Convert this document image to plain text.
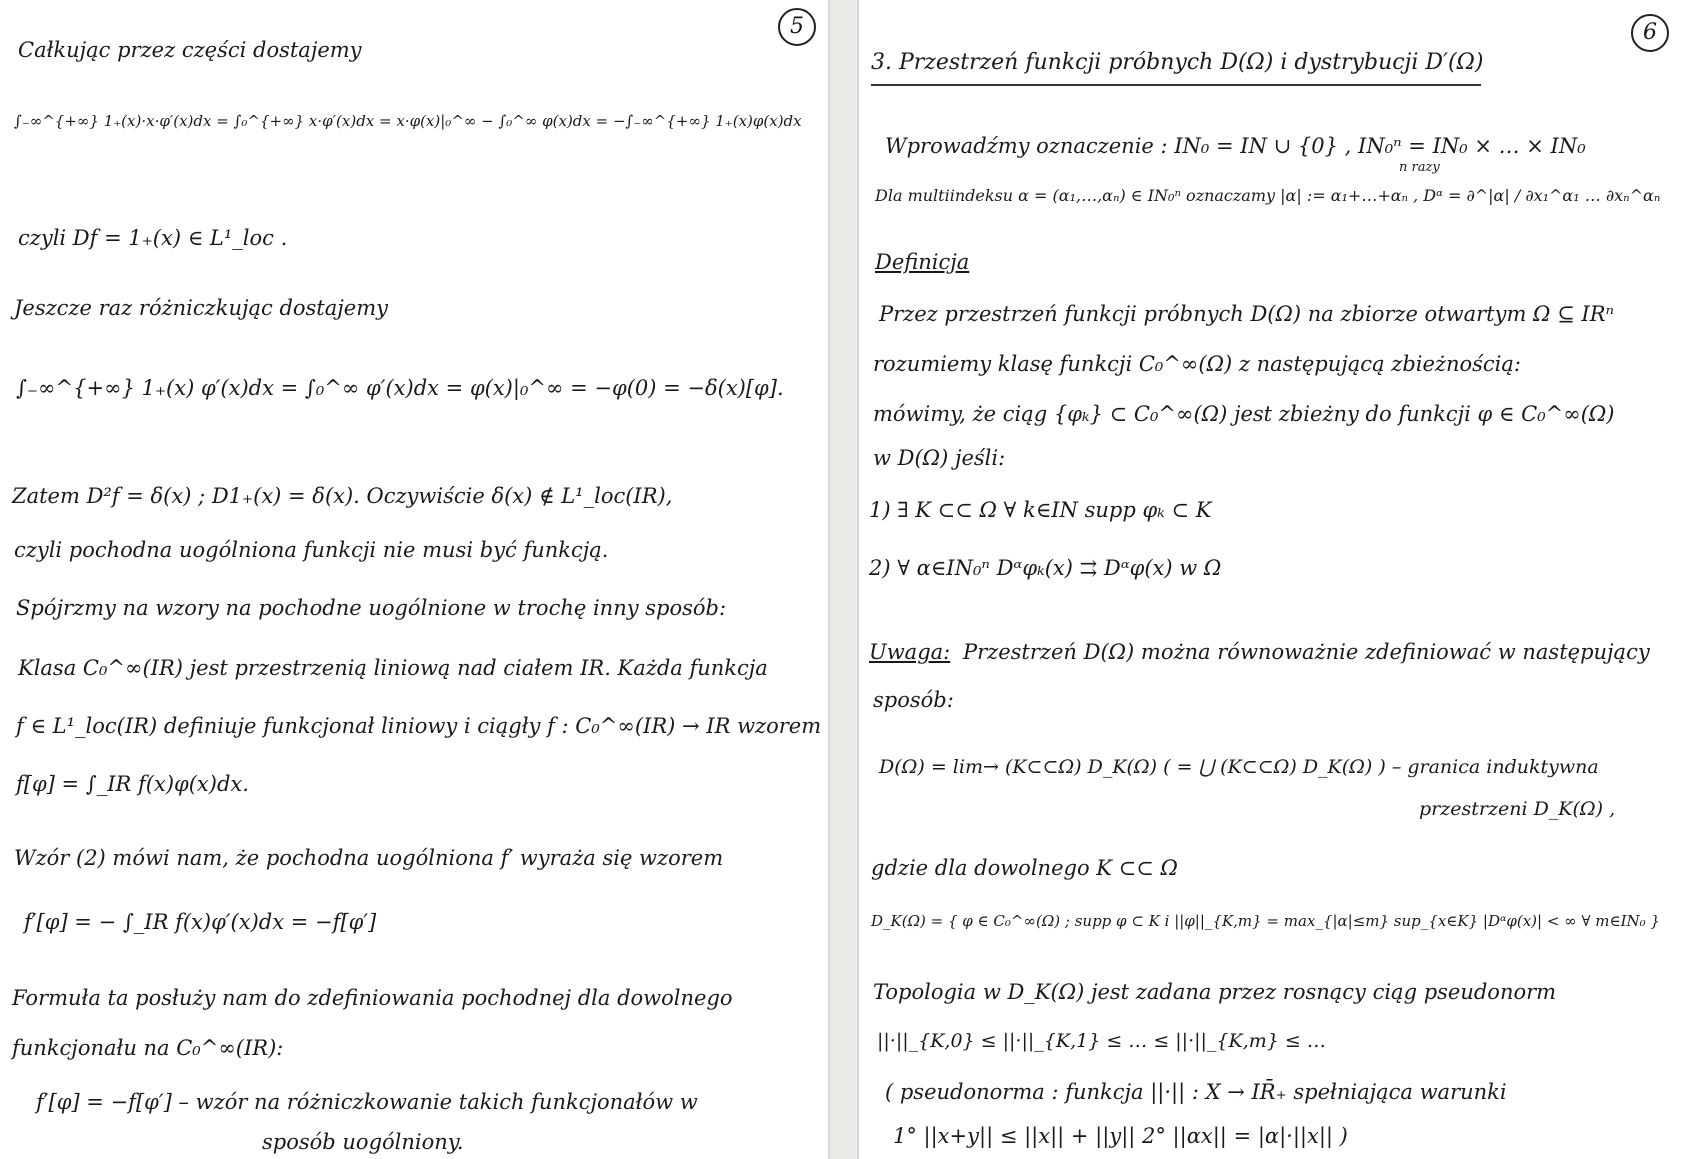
5
Całkując przez części dostajemy
∫₋∞^{+∞} 1₊(x)·x·φ′(x)dx = ∫₀^{+∞} x·φ′(x)dx = x·φ(x)|₀^∞ − ∫₀^∞ φ(x)dx = −∫₋∞^{+∞} 1₊(x)φ(x)dx
czyli Df = 1₊(x) ∈ L¹_loc .
Jeszcze raz różniczkując dostajemy
∫₋∞^{+∞} 1₊(x) φ′(x)dx = ∫₀^∞ φ′(x)dx = φ(x)|₀^∞ = −φ(0) = −δ(x)[φ].
Zatem D²f = δ(x) ; D1₊(x) = δ(x). Oczywiście δ(x) ∉ L¹_loc(IR),
czyli pochodna uogólniona funkcji nie musi być funkcją.
Spójrzmy na wzory na pochodne uogólnione w trochę inny sposób:
Klasa C₀^∞(IR) jest przestrzenią liniową nad ciałem IR. Każda funkcja
f ∈ L¹_loc(IR) definiuje funkcjonał liniowy i ciągły f : C₀^∞(IR) → IR wzorem
f[φ] = ∫_IR f(x)φ(x)dx.
Wzór (2) mówi nam, że pochodna uogólniona f′ wyraża się wzorem
f′[φ] = − ∫_IR f(x)φ′(x)dx = −f[φ′]
Formuła ta posłuży nam do zdefiniowania pochodnej dla dowolnego
funkcjonału na C₀^∞(IR):
f′[φ] = −f[φ′] – wzór na różniczkowanie takich funkcjonałów w
sposób uogólniony.
6
3. Przestrzeń funkcji próbnych D(Ω) i dystrybucji D′(Ω)
Wprowadźmy oznaczenie : IN₀ = IN ∪ {0} , IN₀ⁿ = IN₀ × … × IN₀
n razy
Dla multiindeksu α = (α₁,…,αₙ) ∈ IN₀ⁿ oznaczamy |α| := α₁+…+αₙ , Dᵅ = ∂^|α| / ∂x₁^α₁ … ∂xₙ^αₙ
Definicja
Przez przestrzeń funkcji próbnych D(Ω) na zbiorze otwartym Ω ⊆ IRⁿ
rozumiemy klasę funkcji C₀^∞(Ω) z następującą zbieżnością:
mówimy, że ciąg {φₖ} ⊂ C₀^∞(Ω) jest zbieżny do funkcji φ ∈ C₀^∞(Ω)
w D(Ω) jeśli:
1) ∃ K ⊂⊂ Ω ∀ k∈IN supp φₖ ⊂ K
2) ∀ α∈IN₀ⁿ Dᵅφₖ(x) ⇉ Dᵅφ(x) w Ω
Uwaga: Przestrzeń D(Ω) można równoważnie zdefiniować w następujący
sposób:
D(Ω) = lim→ (K⊂⊂Ω) D_K(Ω) ( = ⋃ (K⊂⊂Ω) D_K(Ω) ) – granica induktywna
przestrzeni D_K(Ω) ,
gdzie dla dowolnego K ⊂⊂ Ω
D_K(Ω) = { φ ∈ C₀^∞(Ω) ; supp φ ⊂ K i ||φ||_{K,m} = max_{|α|≤m} sup_{x∈K} |Dᵅφ(x)| < ∞ ∀ m∈IN₀ }
Topologia w D_K(Ω) jest zadana przez rosnący ciąg pseudonorm
||·||_{K,0} ≤ ||·||_{K,1} ≤ … ≤ ||·||_{K,m} ≤ …
( pseudonorma : funkcja ||·|| : X → IR̄₊ spełniająca warunki
1° ||x+y|| ≤ ||x|| + ||y|| 2° ||αx|| = |α|·||x|| )
